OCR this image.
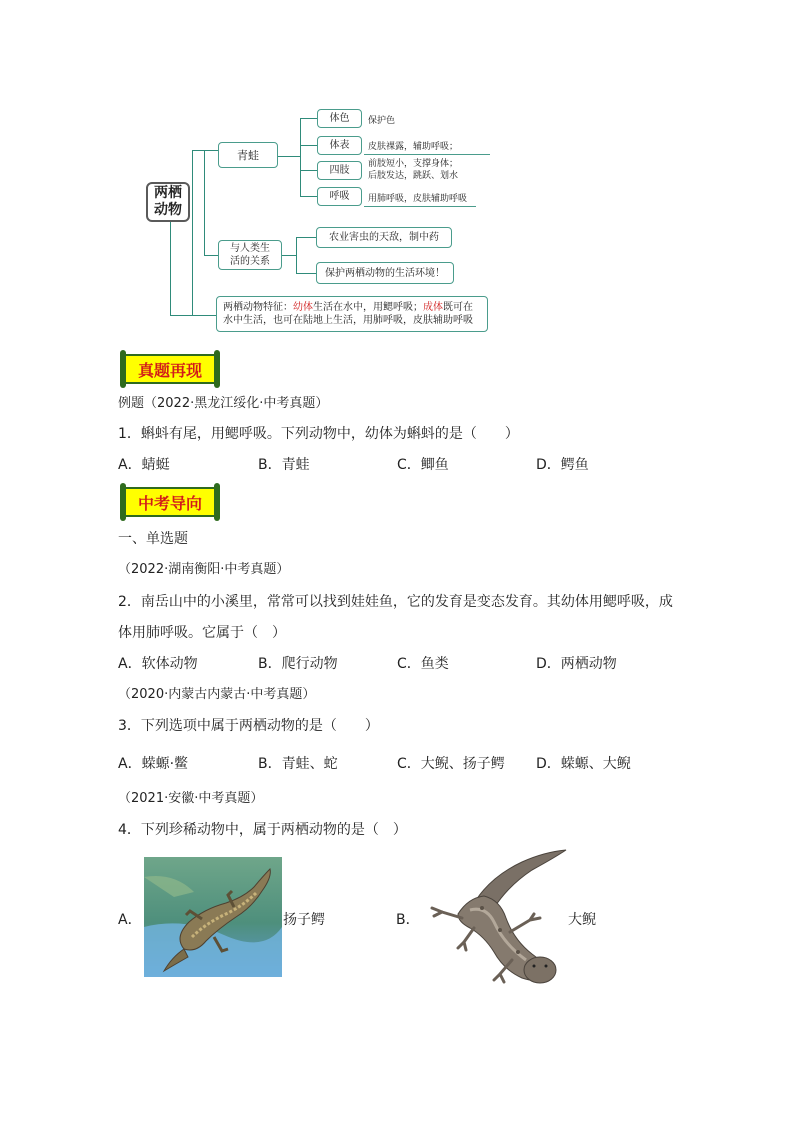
两栖
动物
青蛙
体色 保护色
体表 皮肤裸露，辅助呼吸；
四肢
前肢短小，支撑身体；
后肢发达，跳跃、划水
呼吸 用肺呼吸，皮肤辅助呼吸
与人类生
活的关系
农业害虫的天敌，制中药
保护两栖动物的生活环境！
两栖动物特征：幼体生活在水中，用鳃呼吸；成体既可在
水中生活，也可在陆地上生活，用肺呼吸，皮肤辅助呼吸
真题再现
例题（2022·黑龙江绥化·中考真题）
1．蝌蚪有尾，用鳃呼吸。下列动物中，幼体为蝌蚪的是（　　）
A．蜻蜓	B．青蛙	C．鲫鱼	D．鳄鱼
中考导向
一、单选题
（2022·湖南衡阳·中考真题）
2．南岳山中的小溪里，常常可以找到娃娃鱼，它的发育是变态发育。其幼体用鳃呼吸，成
体用肺呼吸。它属于（　）
A．软体动物	B．爬行动物	C．鱼类	D．两栖动物
（2020·内蒙古内蒙古·中考真题）
3．下列选项中属于两栖动物的是（　　）
A．蝾螈·鳖	B．青蛙、蛇	C．大鲵、扬子鳄 D．蝾螈、大鲵
（2021·安徽·中考真题）
4．下列珍稀动物中，属于两栖动物的是（　）
A．	扬子鳄	B．	大鲵
